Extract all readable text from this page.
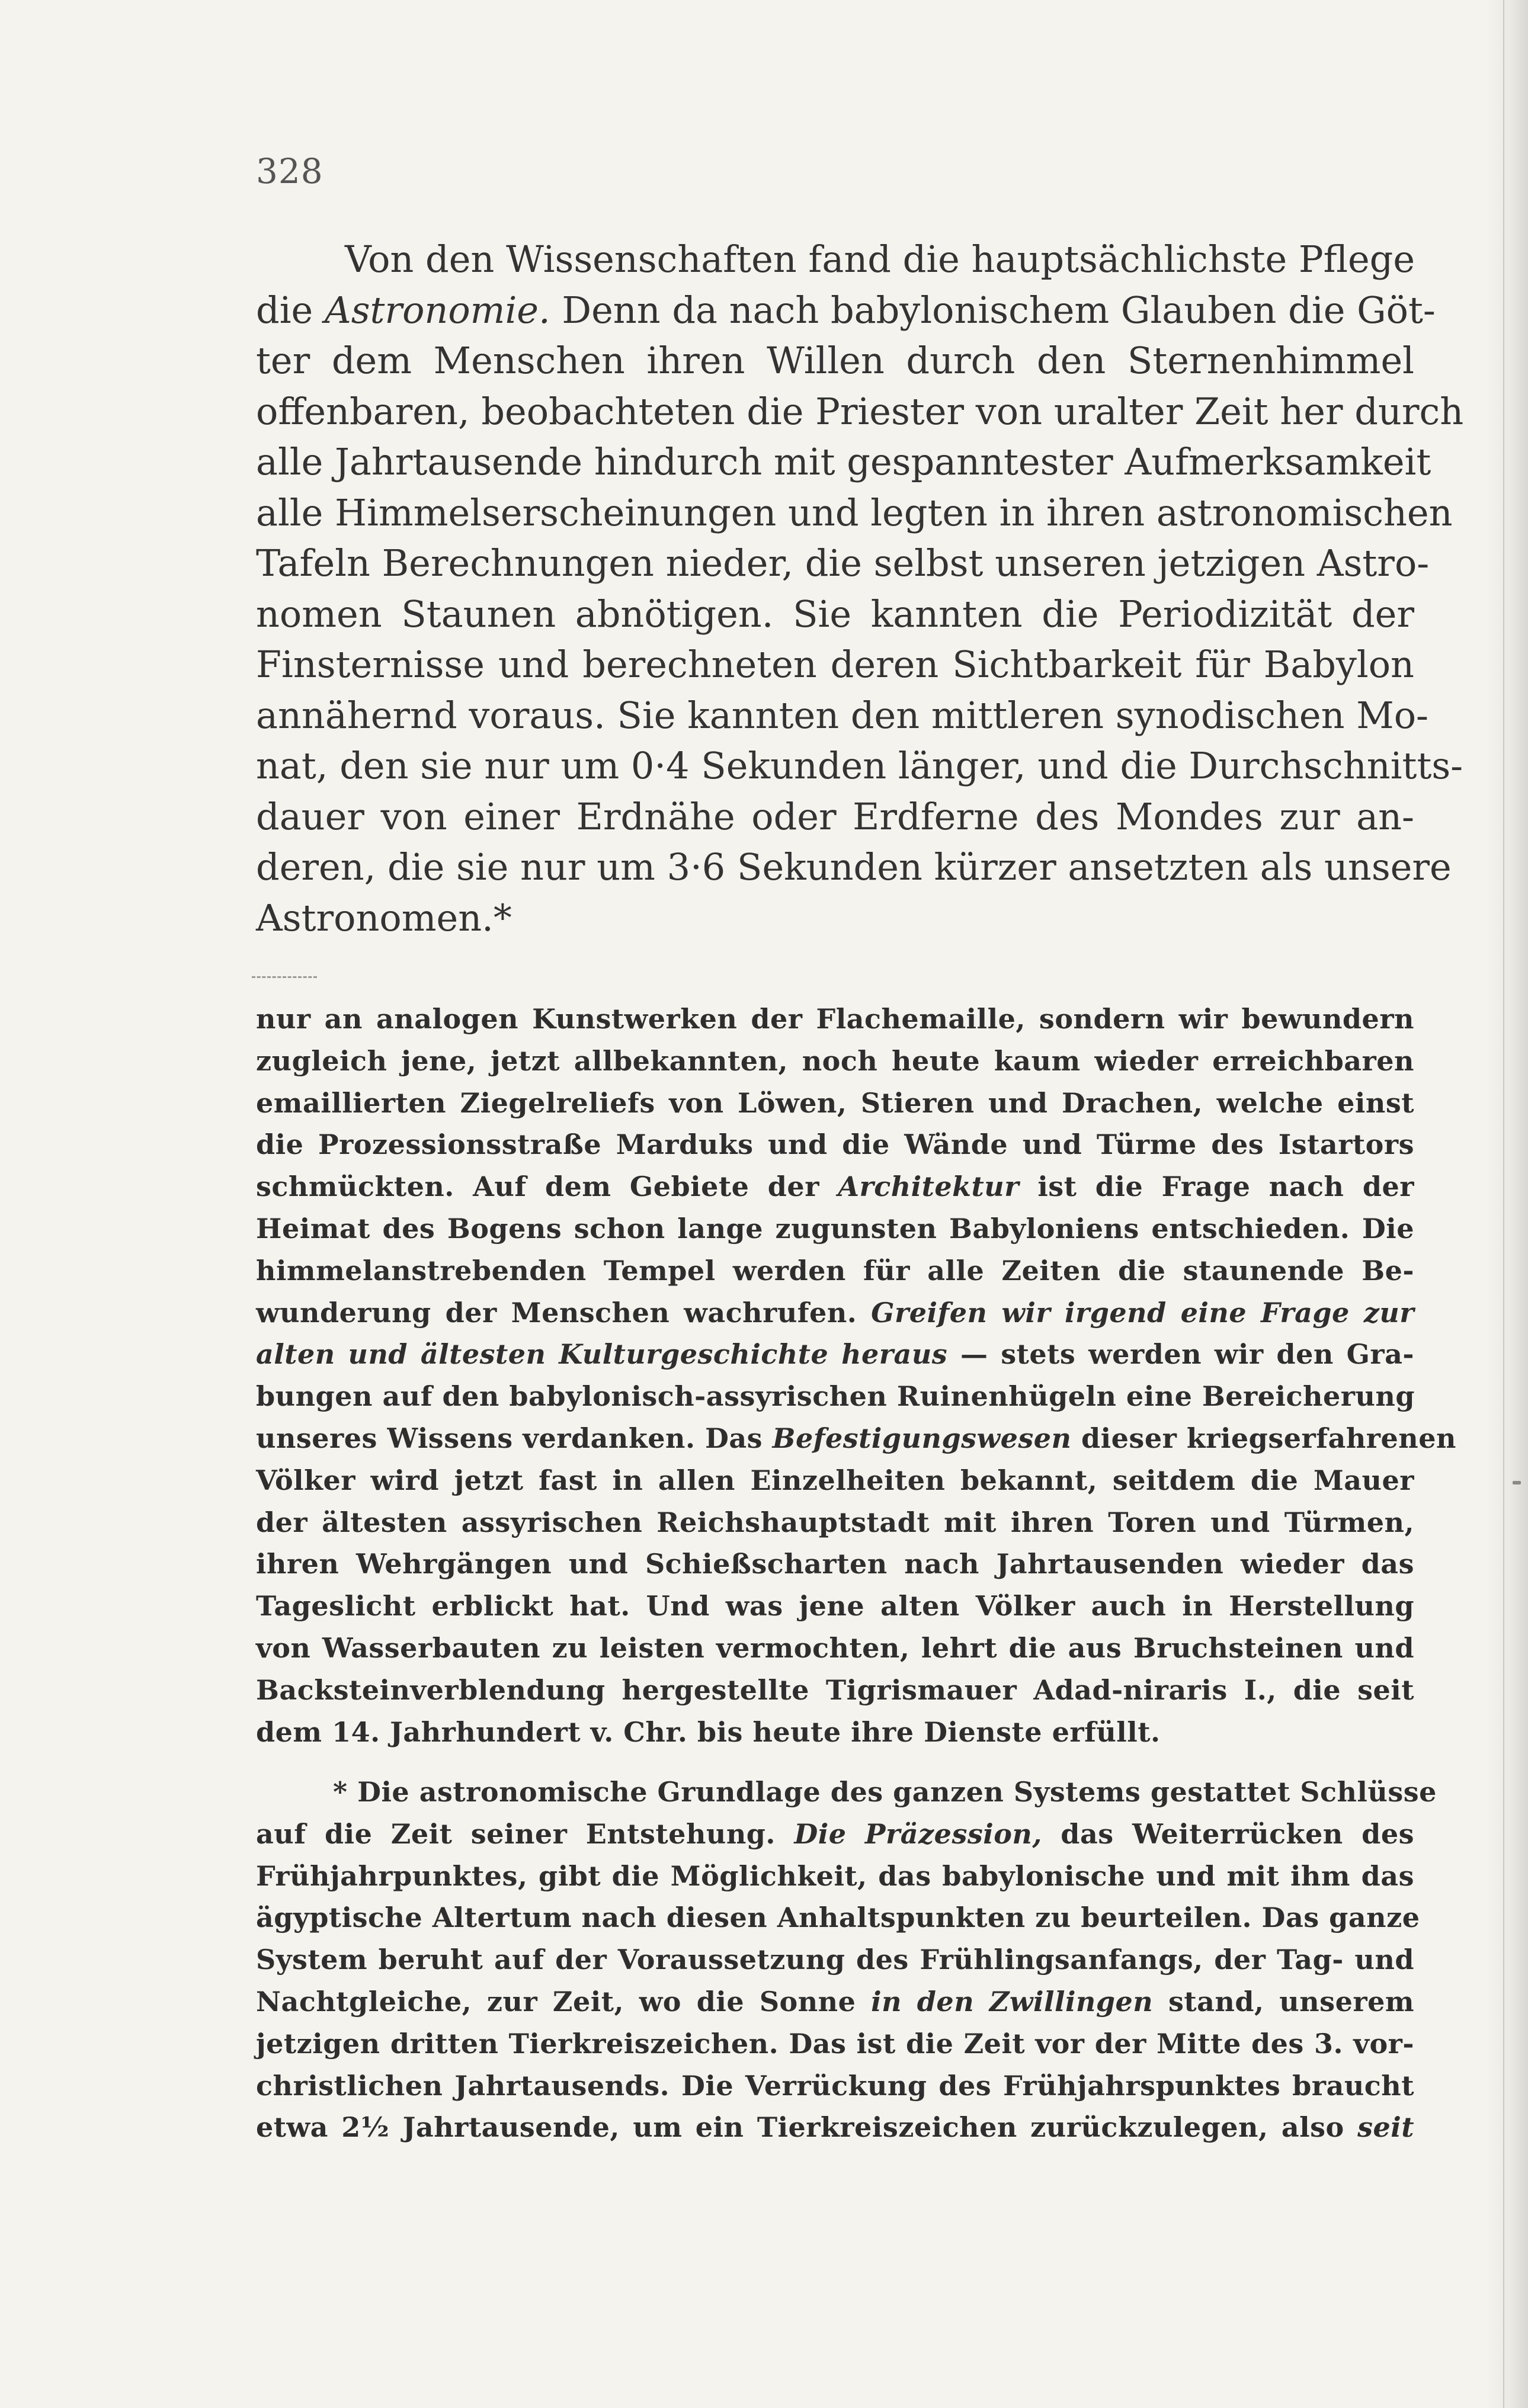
328
Von den Wissenschaften fand die hauptsächlichste Pflege
die Astronomie. Denn da nach babylonischem Glauben die Göt-
ter dem Menschen ihren Willen durch den Sternenhimmel
offenbaren, beobachteten die Priester von uralter Zeit her durch
alle Jahrtausende hindurch mit gespanntester Aufmerksamkeit
alle Himmelserscheinungen und legten in ihren astronomischen
Tafeln Berechnungen nieder, die selbst unseren jetzigen Astro-
nomen Staunen abnötigen. Sie kannten die Periodizität der
Finsternisse und berechneten deren Sichtbarkeit für Babylon
annähernd voraus. Sie kannten den mittleren synodischen Mo-
nat, den sie nur um 0·4 Sekunden länger, und die Durchschnitts-
dauer von einer Erdnähe oder Erdferne des Mondes zur an-
deren, die sie nur um 3·6 Sekunden kürzer ansetzten als unsere
Astronomen.*
nur an analogen Kunstwerken der Flachemaille, sondern wir bewundern
zugleich jene, jetzt allbekannten, noch heute kaum wieder erreichbaren
emaillierten Ziegelreliefs von Löwen, Stieren und Drachen, welche einst
die Prozessionsstraße Marduks und die Wände und Türme des Istartors
schmückten. Auf dem Gebiete der Architektur ist die Frage nach der
Heimat des Bogens schon lange zugunsten Babyloniens entschieden. Die
himmelanstrebenden Tempel werden für alle Zeiten die staunende Be-
wunderung der Menschen wachrufen. Greifen wir irgend eine Frage zur
alten und ältesten Kulturgeschichte heraus — stets werden wir den Gra-
bungen auf den babylonisch-assyrischen Ruinenhügeln eine Bereicherung
unseres Wissens verdanken. Das Befestigungswesen dieser kriegserfahrenen
Völker wird jetzt fast in allen Einzelheiten bekannt, seitdem die Mauer
der ältesten assyrischen Reichshauptstadt mit ihren Toren und Türmen,
ihren Wehrgängen und Schießscharten nach Jahrtausenden wieder das
Tageslicht erblickt hat. Und was jene alten Völker auch in Herstellung
von Wasserbauten zu leisten vermochten, lehrt die aus Bruchsteinen und
Backsteinverblendung hergestellte Tigrismauer Adad-niraris I., die seit
dem 14. Jahrhundert v. Chr. bis heute ihre Dienste erfüllt.
* Die astronomische Grundlage des ganzen Systems gestattet Schlüsse
auf die Zeit seiner Entstehung. Die Präzession, das Weiterrücken des
Frühjahrpunktes, gibt die Möglichkeit, das babylonische und mit ihm das
ägyptische Altertum nach diesen Anhaltspunkten zu beurteilen. Das ganze
System beruht auf der Voraussetzung des Frühlingsanfangs, der Tag- und
Nachtgleiche, zur Zeit, wo die Sonne in den Zwillingen stand, unserem
jetzigen dritten Tierkreiszeichen. Das ist die Zeit vor der Mitte des 3. vor-
christlichen Jahrtausends. Die Verrückung des Frühjahrspunktes braucht
etwa 2½ Jahrtausende, um ein Tierkreiszeichen zurückzulegen, also seit
